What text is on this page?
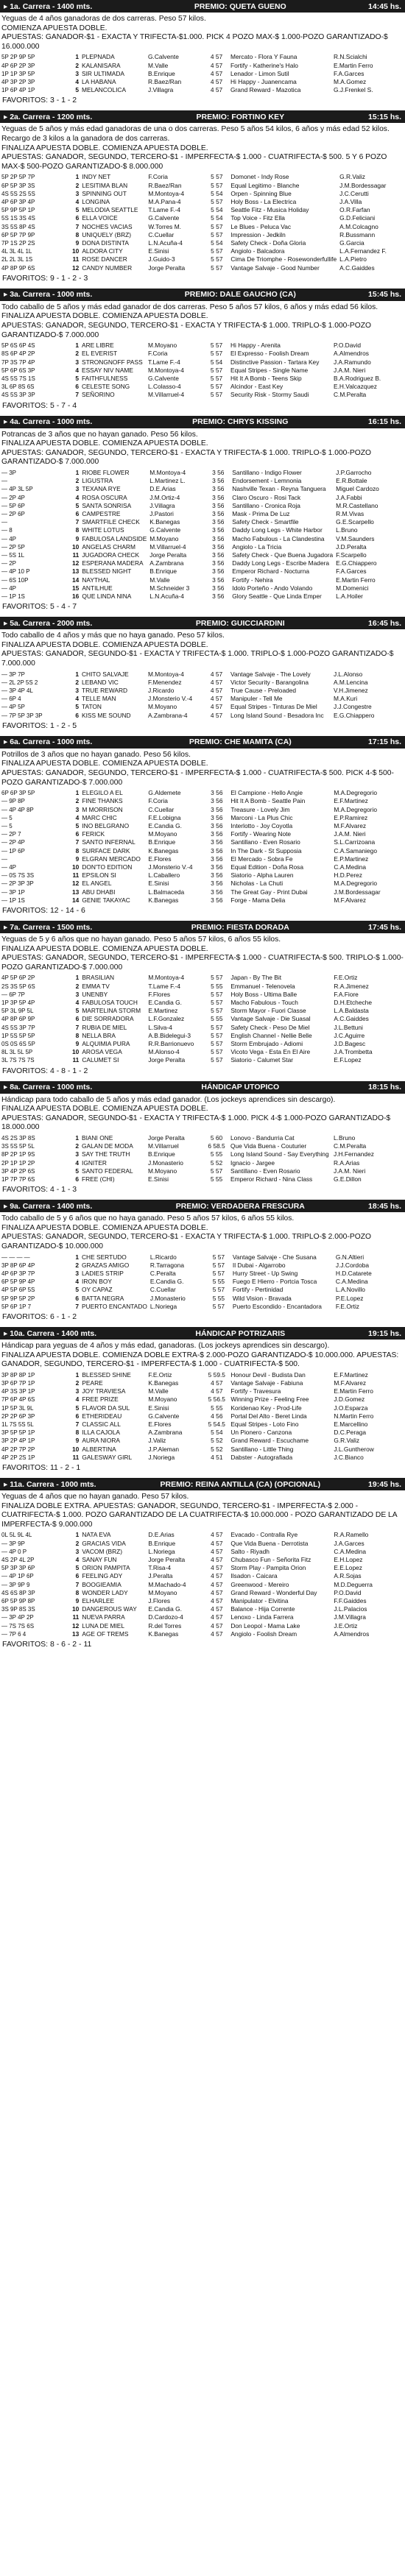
▸ 1a. Carrera - 1400 mts.	PREMIO: QUETA GUENO	14:45 hs.

Yeguas de 4 años ganadoras de dos carreras. Peso 57 kilos.

COMIENZA APUESTA DOBLE.

APUESTAS: GANADOR-$1 - EXACTA Y TRIFECTA-$1.000. PICK 4 POZO MAX-$ 1.000-POZO GARANTIZADO-$ 16.000.000

5P 2P 9P 5P	1	PLEPNADA	G.Calvente	4 57	Mercato - Flora Y Fauna	R.N.Scialchi
4P 6P 2P 3P	2	KALANISARA	M.Valle	4 57	Fortify - Katherine's Halo	E.Martin Ferro
1P 1P 3P 5P	3	SIR ULTIMADA	B.Enrique	4 57	Lenador - Limon Sutil	F.A.Garces
4P 3P 2P 3P	4	LA HABANA	R.Baez/Ran	4 57	Hi Happy - Juanencama	M.A.Gomez
1P 6P 4P 1P	5	MELANCOLICA	J.Villagra	4 57	Grand Reward - Mazotica	G.J.Frenkel S.
FAVORITOS: 3 - 1 - 2
▸ 2a. Carrera - 1200 mts.	PREMIO: FORTINO KEY	15:15 hs.

Yeguas de 5 años y más edad ganadoras de una o dos carreras. Peso 5 años 54 kilos, 6 años y más edad 52 kilos.

Recargo de 3 kilos a la ganadora de dos carreras.

FINALIZA APUESTA DOBLE. COMIENZA APUESTA DOBLE.

APUESTAS: GANADOR, SEGUNDO, TERCERO-$1 - IMPERFECTA-$ 1.000 - CUATRIFECTA-$ 500. 5 Y 6 POZO MAX-$ 500-POZO GARANTIZADO-$ 8.000.000

5P 2P 5P 7P	1	INDY NET	F.Coria	5 57	Domonet - Indy Rose	G.R.Valiz
6P 5P 3P 3S	2	LESITIMA BLAN	R.Baez/Ran	5 57	Equal Legitimo - Blanche	J.M.Bordessagar
4S 5S 2S 5S	3	SPINNING OUT	M.Montoya-4	5 54	Orpen - Spinning Blue	J.C.Cerutti
4P 6P 3P 4P	4	LONGINA	M.A.Pana-4	5 57	Holy Boss - La Electrica	J.A.Villa
5P 9P 5P 1P	5	MELODIA SEATTLE	T.Lame F.-4	5 54	Seattle Fitz - Musica Holiday	O.R.Farfan
5S 1S 3S 4S	6	ELLA VOICE	G.Calvente	5 54	Top Voice - Fitz Ella	G.D.Feliciani
3S 5S 8P 4S	7	NOCHES VACIAS	W.Torres M.	5 57	Le Blues - Peluca Vac	A.M.Colcagno
6P 5P 7P 9P	8	UNIQUELY (BRZ)	C.Cuellar	5 57	Impression - Jedkiln	R.Bussmann
7P 1S 2P 2S	9	DONA DISTINTA	L.N.Acuña-4	5 54	Safety Check - Doña Gloria	G.Garcia
4L 3L 4L 1L	10	ALDORA CITY	E.Sinisi	5 57	Angiolo - Balcadora	L.A.Fernandez F.
2L 2L 3L 1S	11	ROSE DANCER	J.Guido-3	5 57	Cima De Triomphe - Rosewonderfullife	L.A.Pietro
4P 8P 9P 6S	12	CANDY NUMBER	Jorge Peralta	5 57	Vantage Salvaje - Good Number	A.C.Gaiddes
FAVORITOS: 9 - 1 - 2 - 3
▸ 3a. Carrera - 1000 mts.	PREMIO: DALE GAUCHO (CA)	15:45 hs.

Todo caballo de 5 años y más edad ganador de dos carreras. Peso 5 años 57 kilos, 6 años y más edad 56 kilos.

FINALIZA APUESTA DOBLE. COMIENZA APUESTA DOBLE.

APUESTAS: GANADOR, SEGUNDO, TERCERO-$1 - EXACTA Y TRIFECTA-$ 1.000. TRIPLO-$ 1.000-POZO GARANTIZADO-$ 7.000.000

5P 6S 6P 4S	1	ARE LIBRE	M.Moyano	5 57	Hi Happy - Arenita	P.O.David
8S 6P 4P 2P	2	EL EVERIST	F.Coria	5 57	El Expresso - Foolish Dream	A.Almendros
7P 3S 7P 4P	3	STRONGNOFF PASS	T.Lame F.-4	5 54	Distinctive Passion - Tartara Key	J.A.Ramundo
5P 6P 6S 3P	4	ESSAY NIV NAME	M.Montoya-4	5 57	Equal Stripes - Single Name	J.A.M. Nieri
4S 5S 7S 1S	5	FAITHFULNESS	G.Calvente	5 57	Hit It A Bomb - Teens Skip	B.A.Rodriguez B.
3L 6P 8S 6S	6	CELESTE SONG	L.Colasso-4	5 57	Alcindor - East Key	E.H.Valcazquez
4S 5S 3P 3P	7	SEÑORINO	M.Villarruel-4	5 57	Security Risk - Stormy Saudi	C.M.Peralta
FAVORITOS: 5 - 7 - 4
▸ 4a. Carrera - 1000 mts.	PREMIO: CHRYS KISSING	16:15 hs.

Potrancas de 3 años que no hayan ganado. Peso 56 kilos.

FINALIZA APUESTA DOBLE. COMIENZA APUESTA DOBLE.

APUESTAS: GANADOR, SEGUNDO, TERCERO-$1 - EXACTA Y TRIFECTA-$ 1.000. TRIPLO-$ 1.000-POZO GARANTIZADO-$ 7.000.000

— 3P	1	RIOBE FLOWER	M.Montoya-4	3 56	Santillano - Indigo Flower	J.P.Garrocho
—	2	LIGUSTRA	L.Martinez L.	3 56	Endorsement - Lemnonia	E.R.Bottale
— 4P 3L 5P	3	TEXANA RYE	D.E.Arias	3 56	Nashville Texan - Reyna Tanguera	Miguel Cardozo
— 2P 4P	4	ROSA OSCURA	J.M.Ortiz-4	3 56	Claro Oscuro - Rosi Tack	J.A.Fabbi
— 5P 6P	5	SANTA SONRISA	J.Villagra	3 56	Santillano - Cronica Roja	M.R.Castellano
— 2P 6P	6	CAMPESTRE	J.Pastori	3 56	Mask - Prima De Luz	R.M.Vivas
—	7	SMARTFILE CHECK	K.Banegas	3 56	Safety Check - Smartfile	G.E.Scarpello
— 8	8	WHITE LOTUS	G.Calvente	3 56	Daddy Long Legs - White Harbor	L.Bruno
— 4P	9	FABULOSA LANDSIDE	M.Moyano	3 56	Macho Fabulous - La Clandestina	V.M.Saunders
— 2P 5P	10	ANGELAS CHARM	M.Villarruel-4	3 56	Angiolo - La Tricia	J.D.Peralta
— 5S 1L	11	JUGADORA CHECK	Jorge Peralta	3 56	Safety Check - Que Buena Jugadora	F.Scarpello
— 2P	12	ESPERANA MADERA	A.Zambrana	3 56	Daddy Long Legs - Escribe Madera	E.G.Chiappero
— 4P 10 P	13	BLESSED NIGHT	B.Enrique	3 56	Emperor Richard - Nocturna	F.A.Garces
— 6S 10P	14	NAYTHAL	M.Valle	3 56	Fortify - Nehira	E.Martin Ferro
— 4P	15	ANTILHUE	M.Schneider 3	3 56	Idolo Porteño - Ando Volando	M.Domenici
— 1P 1S	16	QUE LINDA NINA	L.N.Acuña-4	3 56	Glory Seattle - Que Linda Emper	L.A.Hoiler
FAVORITOS: 5 - 4 - 7
▸ 5a. Carrera - 2000 mts.	PREMIO: GUICCIARDINI	16:45 hs.

Todo caballo de 4 años y más que no haya ganado. Peso 57 kilos.

FINALIZA APUESTA DOBLE. COMIENZA APUESTA DOBLE.

APUESTAS: GANADOR, SEGUNDO-$1 - EXACTA Y TRIFECTA-$ 1.000. TRIPLO-$ 1.000-POZO GARANTIZADO-$ 7.000.000

— 3P 7P	1	CHITO SALVAJE	M.Montoya-4	4 57	Vantage Salvaje - The Lovely	J.L.Alonso
— 2L 2P 5S 2	2	LEBAND VIC	F.Menendez	4 57	Victor Security - Barangolina	A.M.Lencina
— 3P 4P 4L	3	TRUE REWARD	J.Ricardo	4 57	True Cause - Preloaded	V.H.Jimenez
— 6P 4	4	TELLE MAN	J.Monsterio V.-4	4 57	Manipuler - Tell Me	M.A.Kuri
— 4P 5P	5	TATON	M.Moyano	4 57	Equal Stripes - Tinturas De Miel	J.J.Congestre
— 7P 5P 3P 3P	6	KISS ME SOUND	A.Zambrana-4	4 57	Long Island Sound - Besadora Inc	E.G.Chiappero
FAVORITOS: 1 - 2 - 5
▸ 6a. Carrera - 1000 mts.	PREMIO: CHE MAMITA (CA)	17:15 hs.

Potrillos de 3 años que no hayan ganado. Peso 56 kilos.

FINALIZA APUESTA DOBLE. COMIENZA APUESTA DOBLE.

APUESTAS: GANADOR, SEGUNDO, TERCERO-$1 - IMPERFECTA-$ 1.000 - CUATRIFECTA-$ 500. PICK 4-$ 500-POZO GARANTIZADO-$ 7.000.000

6P 6P 3P 5P	1	ELEGILO A EL	G.Aldemete	3 56	El Campione - Hello Angie	M.A.Degregorio
— 9P 8P	2	FINE THANKS	F.Coria	3 56	Hit It A Bomb - Seattle Pain	E.F.Martinez
— 4P 4P 8P	3	M MORRISON	C.Cuellar	3 56	Treasure - Lovely Jim	M.A.Degregorio
— 5	4	MARC CHIC	F.E.Lobigna	3 56	Marconi - La Plus Chic	E.P.Ramirez
— 5	5	INO BELGRANO	E.Candia G.	3 56	Interlotto - Joy Coyotla	M.F.Alvarez
— 2P 7	6	FERICK	M.Moyano	3 56	Fortify - Wearing Note	J.A.M. Nieri
— 2P 4P	7	SANTO INFERNAL	B.Enrique	3 56	Santillano - Even Rosario	S.L.Carrizoana
— 1P 6P	8	SURFACE DARK	K.Banegas	3 56	In The Dark - St Supposia	C.A.Samaniego
—	9	ELGRAN MERCADO	E.Flores	3 56	El Mercado - Sobra Fe	E.P.Martinez
— 4P	10	DON'TO EDITION	J.Monsterio V.-4	3 56	Equal Edition - Doña Rosa	C.A.Medina
— 0S 7S 3S	11	EPSILON SI	L.Caballero	3 56	Siatorio - Alpha Lauren	H.D.Perez
— 2P 3P 3P	12	EL ANGEL	E.Sinisi	3 56	Nicholas - La Chuti	M.A.Degregorio
— 3P 1P	13	ABU DHABI	L.Balmaceda	3 56	The Great Gay - Print Dubai	J.M.Bordessagar
— 1P 1S	14	GENIE TAKAYAC	K.Banegas	3 56	Forge - Mama Delia	M.F.Alvarez
FAVORITOS: 12 - 14 - 6
▸ 7a. Carrera - 1500 mts.	PREMIO: FIESTA DORADA	17:45 hs.

Yeguas de 5 y 6 años que no hayan ganado. Peso 5 años 57 kilos, 6 años 55 kilos.

FINALIZA APUESTA DOBLE. COMIENZA APUESTA DOBLE.

APUESTAS: GANADOR, SEGUNDO, TERCERO-$1 - IMPERFECTA-$ 1.000 - CUATRIFECTA-$ 500. TRIPLO-$ 1.000-POZO GARANTIZADO-$ 7.000.000

4P 5P 6P 2P	1	BRASILIAN	M.Montoya-4	5 57	Japan - By The Bit	F.E.Ortiz
2S 3S 5P 6S	2	EMMA TV	T.Lame F.-4	5 55	Emmanuel - Telenovela	R.A.Jimenez
— 6P 7P	3	UNENBY	F.Flores	5 57	Holy Boss - Ultima Balle	F.A.Fiore
1P 3P 5P 4P	4	FABULOSA TOUCH	E.Candia G.	5 57	Macho Fabulous - Touch	D.H.Etcheche
5P 3L 9P 5L	5	MARTELINA STORM	E.Martinez	5 57	Storm Mayor - Fuori Classe	L.A.Baldasta
4P 8P 6P 9P	6	DIE SORRADORA	L.F.Gonzalez	5 55	Vantage Salvaje - Die Suasal	A.C.Gaiddes
4S 5S 3P 7P	7	RUBIA DE MIEL	L.Silva-4	5 57	Safety Check - Peso De Miel	J.L.Bettuni
1P 5S 5P 5P	8	NELLA BRA	A.B.Bidelegui-3	5 57	English Channel - Nellie Belle	J.C.Aguirre
0S 0S 6S 5P	9	ALQUIMIA PURA	R.R.Barrionuevo	5 57	Storm Embrujado - Adiomi	J.D.Bagesc
8L 3L 5L 5P	10	AROSA VEGA	M.Alonso-4	5 57	Vicoto Vega - Esta En El Aire	J.A.Trombetta
3L 7S 7S 7S	11	CALUMET SI	Jorge Peralta	5 57	Siatorio - Calumet Star	E.F.Lopez
FAVORITOS: 4 - 8 - 1 - 2
▸ 8a. Carrera - 1000 mts.	HÁNDICAP UTOPICO	18:15 hs.

Hándicap para todo caballo de 5 años y más edad ganador. (Los jockeys aprendices sin descargo).

FINALIZA APUESTA DOBLE. COMIENZA APUESTA DOBLE.

APUESTAS: GANADOR, SEGUNDO-$1 - EXACTA Y TRIFECTA-$ 1.000. PICK 4-$ 1.000-POZO GARANTIZADO-$ 18.000.000

4S 2S 3P 8S	1	BIANI ONE	Jorge Peralta	5 60	Lonovo - Bandurria Cat	L.Bruno
3S 5S 5P 5L	2	GALAN DE MODA	M.Villarruel	6 58.5	Que Vida Buena - Couturier	C.M.Peralta
8P 2P 1P 9S	3	SAY THE TRUTH	B.Enrique	5 55	Long Island Sound - Say Everything	J.H.Fernandez
2P 1P 1P 2P	4	IGNITER	J.Monasterio	5 52	Ignacio - Jargee	R.A.Arias
3P 4P 2P 6S	5	SANTO FEDERAL	M.Moyano	5 57	Santillano - Even Rosario	J.A.M. Nieri
1P 7P 7P 6S	6	FREE (CHI)	E.Sinisi	5 55	Emperor Richard - Nina Class	G.E.Dillon
FAVORITOS: 4 - 1 - 3
▸ 9a. Carrera - 1400 mts.	PREMIO: VERDADERA FRESCURA	18:45 hs.

Todo caballo de 5 y 6 años que no haya ganado. Peso 5 años 57 kilos, 6 años 55 kilos.

FINALIZA APUESTA DOBLE. COMIENZA APUESTA DOBLE.

APUESTAS: GANADOR, SEGUNDO, TERCERO-$1 - EXACTA Y TRIFECTA-$ 1.000. TRIPLO-$ 2.000-POZO GARANTIZADO-$ 10.000.000

— — — —	1	CHE SERTUDO	L.Ricardo	5 57	Vantage Salvaje - Che Susana	G.N.Altieri
3P 8P 6P 4P	2	GRAZAS AMIGO	R.Tarragona	5 57	Il Dubai - Algarrobo	J.J.Cordoba
4P 6P 3P 7P	3	LADIES STRIP	C.Peralta	5 57	Hurry Street - Up Swing	H.D.Catarete
6P 5P 9P 4P	4	IRON BOY	E.Candia G.	5 55	Fuego E Hierro - Portcia Tosca	C.A.Medina
4P 5P 6P 5S	5	OY CAPAZ	C.Cuellar	5 57	Fortify - Pertinidad	L.A.Novillo
5P 9P 5P 2P	6	BATTA NEGRA	J.Monasterio	5 55	Wild Vision - Bravada	P.E.Lopez
5P 6P 1P 7	7	PUERTO ENCANTADO	L.Noriega	5 57	Puerto Escondido - Encantadora	F.E.Ortiz
FAVORITOS: 6 - 1 - 2
▸ 10a. Carrera - 1400 mts.	HÁNDICAP POTRIZARIS	19:15 hs.

Hándicap para yeguas de 4 años y más edad, ganadoras. (Los jockeys aprendices sin descargo).

FINALIZA APUESTA DOBLE. COMIENZA DOBLE EXTRA-$ 2.000-POZO GARANTIZADO-$ 10.000.000. APUESTAS: GANADOR, SEGUNDO, TERCERO-$1 - IMPERFECTA-$ 1.000 - CUATRIFECTA-$ 500.

3P 8P 8P 1P	1	BLESSED SHINE	F.E.Ortiz	5 59.5	Honour Devil - Budista Dan	E.F.Martinez
3P 6P 7P 1P	2	PEARE	K.Banegas	4 57	Vantage Salvaje - Fabiuna	M.F.Alvarez
4P 3S 3P 1P	3	JOY TRAVIESA	M.Valle	4 57	Fortify - Travesura	E.Martin Ferro
7P 6P 4P 6S	4	FREE PRIZE	M.Moyano	5 56.5	Winning Prize - Feeling Free	J.D.Gomez
1P 5P 3L 9L	5	FLAVOR DA SUL	E.Sinisi	5 55	Koridenao Key - Prod-Life	J.O.Esparza
2P 2P 6P 3P	6	ETHERIDEAU	G.Calvente	4 56	Portal Del Alto - Beret Linda	N.Martin Ferro
1L 7S 5S 5L	7	CLASSIC ALL	E.Flores	5 54.5	Equal Stripes - Loto Fino	E.Marcellino
3P 5P 5P 1P	8	ILLA CAJOLA	A.Zambrana	5 54	Un Pionero - Canzona	D.C.Peraga
3P 2P 4P 1P	9	AURA NIORA	J.Valiz	5 52	Grand Reward - Escuchame	G.R.Valiz
4P 2P 7P 2P	10	ALBERTINA	J.P.Aleman	5 52	Santillano - Little Thing	J.L.Guntherow
4P 2P 2S 1P	11	GALESWAY GIRL	J.Noriega	4 51	Dabster - Autografiada	J.C.Bianco
FAVORITOS: 11 - 2 - 1
▸ 11a. Carrera - 1000 mts.	PREMIO: REINA ANTILLA (CA) (OPCIONAL)	19:45 hs.

Yeguas de 4 años que no hayan ganado. Peso 57 kilos.

FINALIZA DOBLE EXTRA. APUESTAS: GANADOR, SEGUNDO, TERCERO-$1 - IMPERFECTA-$ 2.000 - CUATRIFECTA-$ 1.000. POZO GARANTIZADO DE LA CUATRIFECTA-$ 10.000.000 - POZO GARANTIZADO DE LA IMPERFECTA-$ 9.000.000

0L 5L 9L 4L	1	NATA EVA	D.E.Arias	4 57	Evacado - Contralla Rye	R.A.Ramello
— 3P 9P	2	GRACIAS VIDA	B.Enrique	4 57	Que Vida Buena - Derrotista	J.A.Garces
— 4P 0 P	3	VACOM (BRZ)	L.Noriega	4 57	Salto - Riyadh	C.A.Medina
4S 2P 4L 2P	4	SANAY FUN	Jorge Peralta	4 57	Chubasco Fun - Señorita Fitz	E.H.Lopez
5P 3P 3P 6P	5	ORION PAMPITA	T.Risa-4	4 57	Storm Play - Pampita Orion	E.E.Lopez
— 4P 1P 6P	6	FEELING ADY	J.Peralta	4 57	Ilsadon - Caicara	A.R.Sojas
— 3P 9P 9	7	BOOGIEAMIA	M.Machado-4	4 57	Greenwood - Mereiro	M.D.Deguerra
4S 6S 8P 3P	8	WONDER LADY	M.Moyano	4 57	Grand Reward - Wonderful Day	P.O.David
6P 5P 9P 8P	9	ELHARLEE	J.Flores	4 57	Manipulator - Elvitina	F.F.Gaiddes
3S 9P 8S 3S	10	DANGEROUS WAY	E.Candia G.	4 57	Balance - Hija Corrente	J.L.Palacios
— 3P 4P 2P	11	NUEVA PARRA	D.Cardozo-4	4 57	Lenoxo - Linda Farrera	J.M.Villagra
— 7S 7S 6S	12	LUNA DE MIEL	R.del Torres	4 57	Don Leopol - Mama Lake	J.E.Ortiz
— 7P 6 4	13	AGE OF TREMS	K.Banegas	4 57	Angiolo - Foolish Dream	A.Almendros
FAVORITOS: 8 - 6 - 2 - 11
